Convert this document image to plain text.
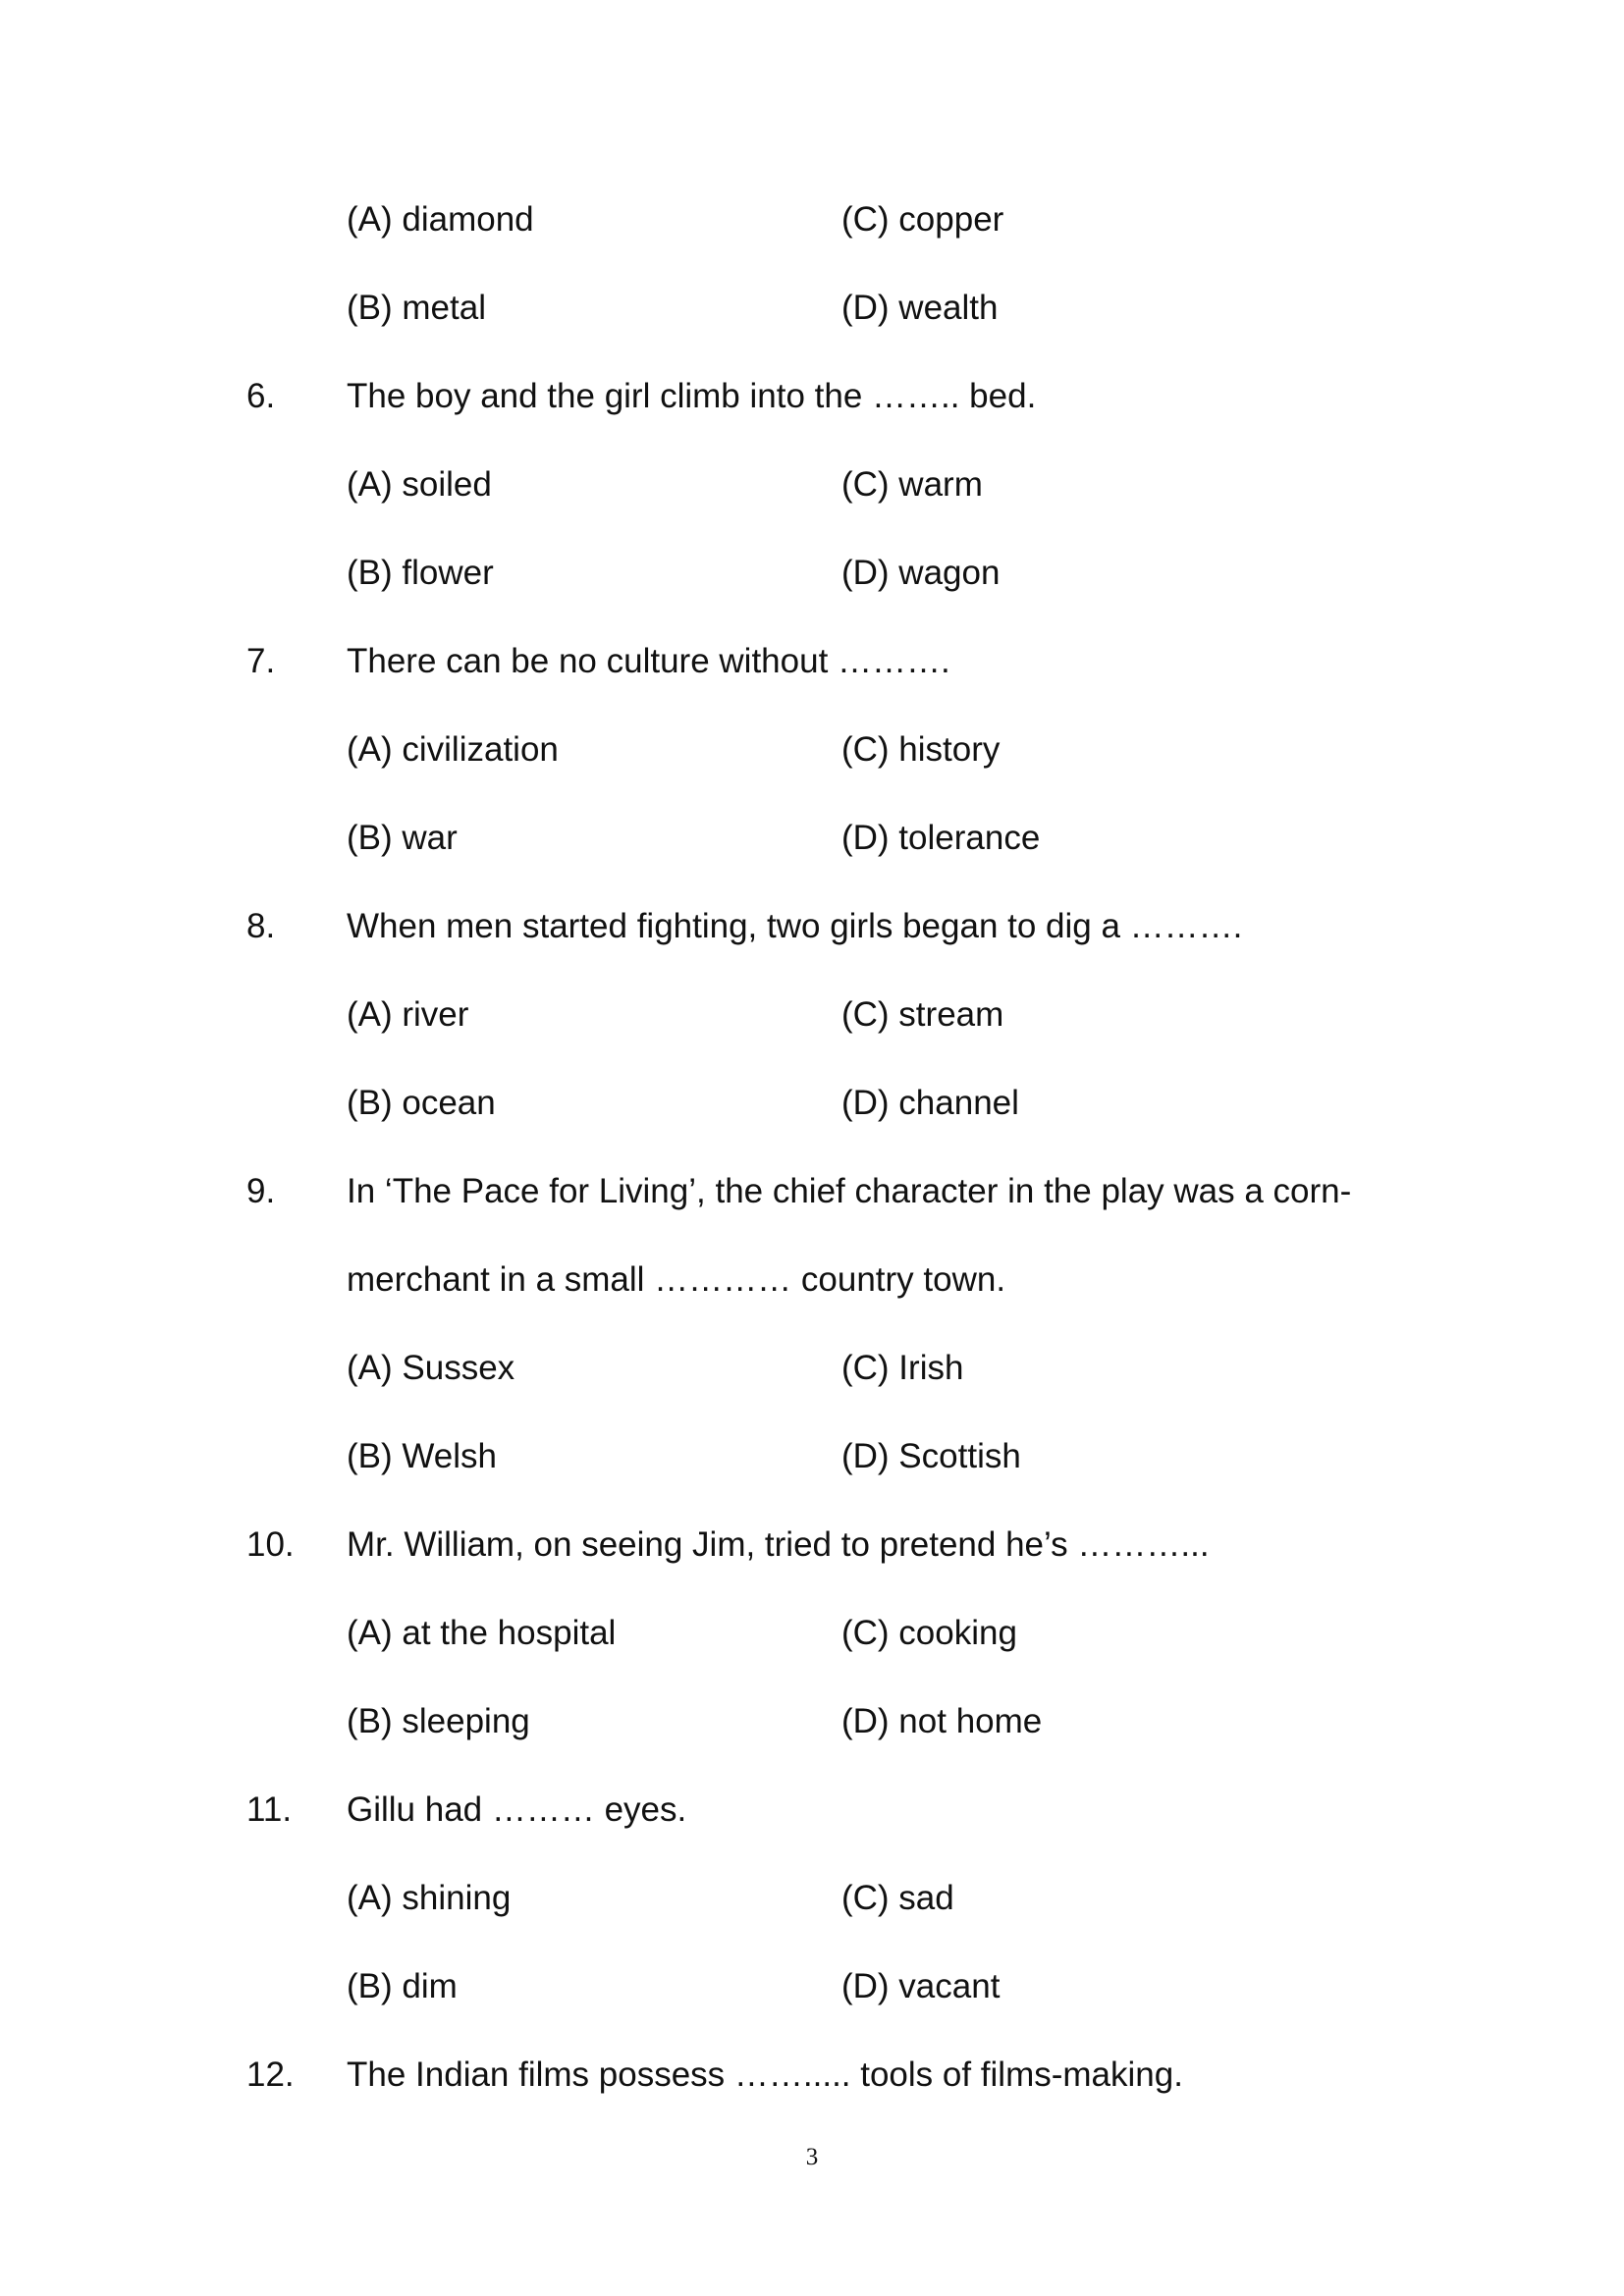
(A) diamond	(C) copper
(B) metal	(D) wealth
6. The boy and the girl climb into the …….. bed.
(A) soiled	(C) warm
(B) flower	(D) wagon
7. There can be no culture without ……….
(A) civilization	(C) history
(B) war	(D) tolerance
8. When men started fighting, two girls began to dig a ……….
(A) river	(C) stream
(B) ocean	(D) channel
9. In ‘The Pace for Living’, the chief character in the play was a corn-
merchant in a small ………… country town.
(A) Sussex	(C) Irish
(B) Welsh	(D) Scottish
10. Mr. William, on seeing Jim, tried to pretend he’s ………...
(A) at the hospital	(C) cooking
(B) sleeping	(D) not home
11. Gillu had ……… eyes.
(A) shining	(C) sad
(B) dim	(D) vacant
12. The Indian films possess ……..... tools of films-making.
3
